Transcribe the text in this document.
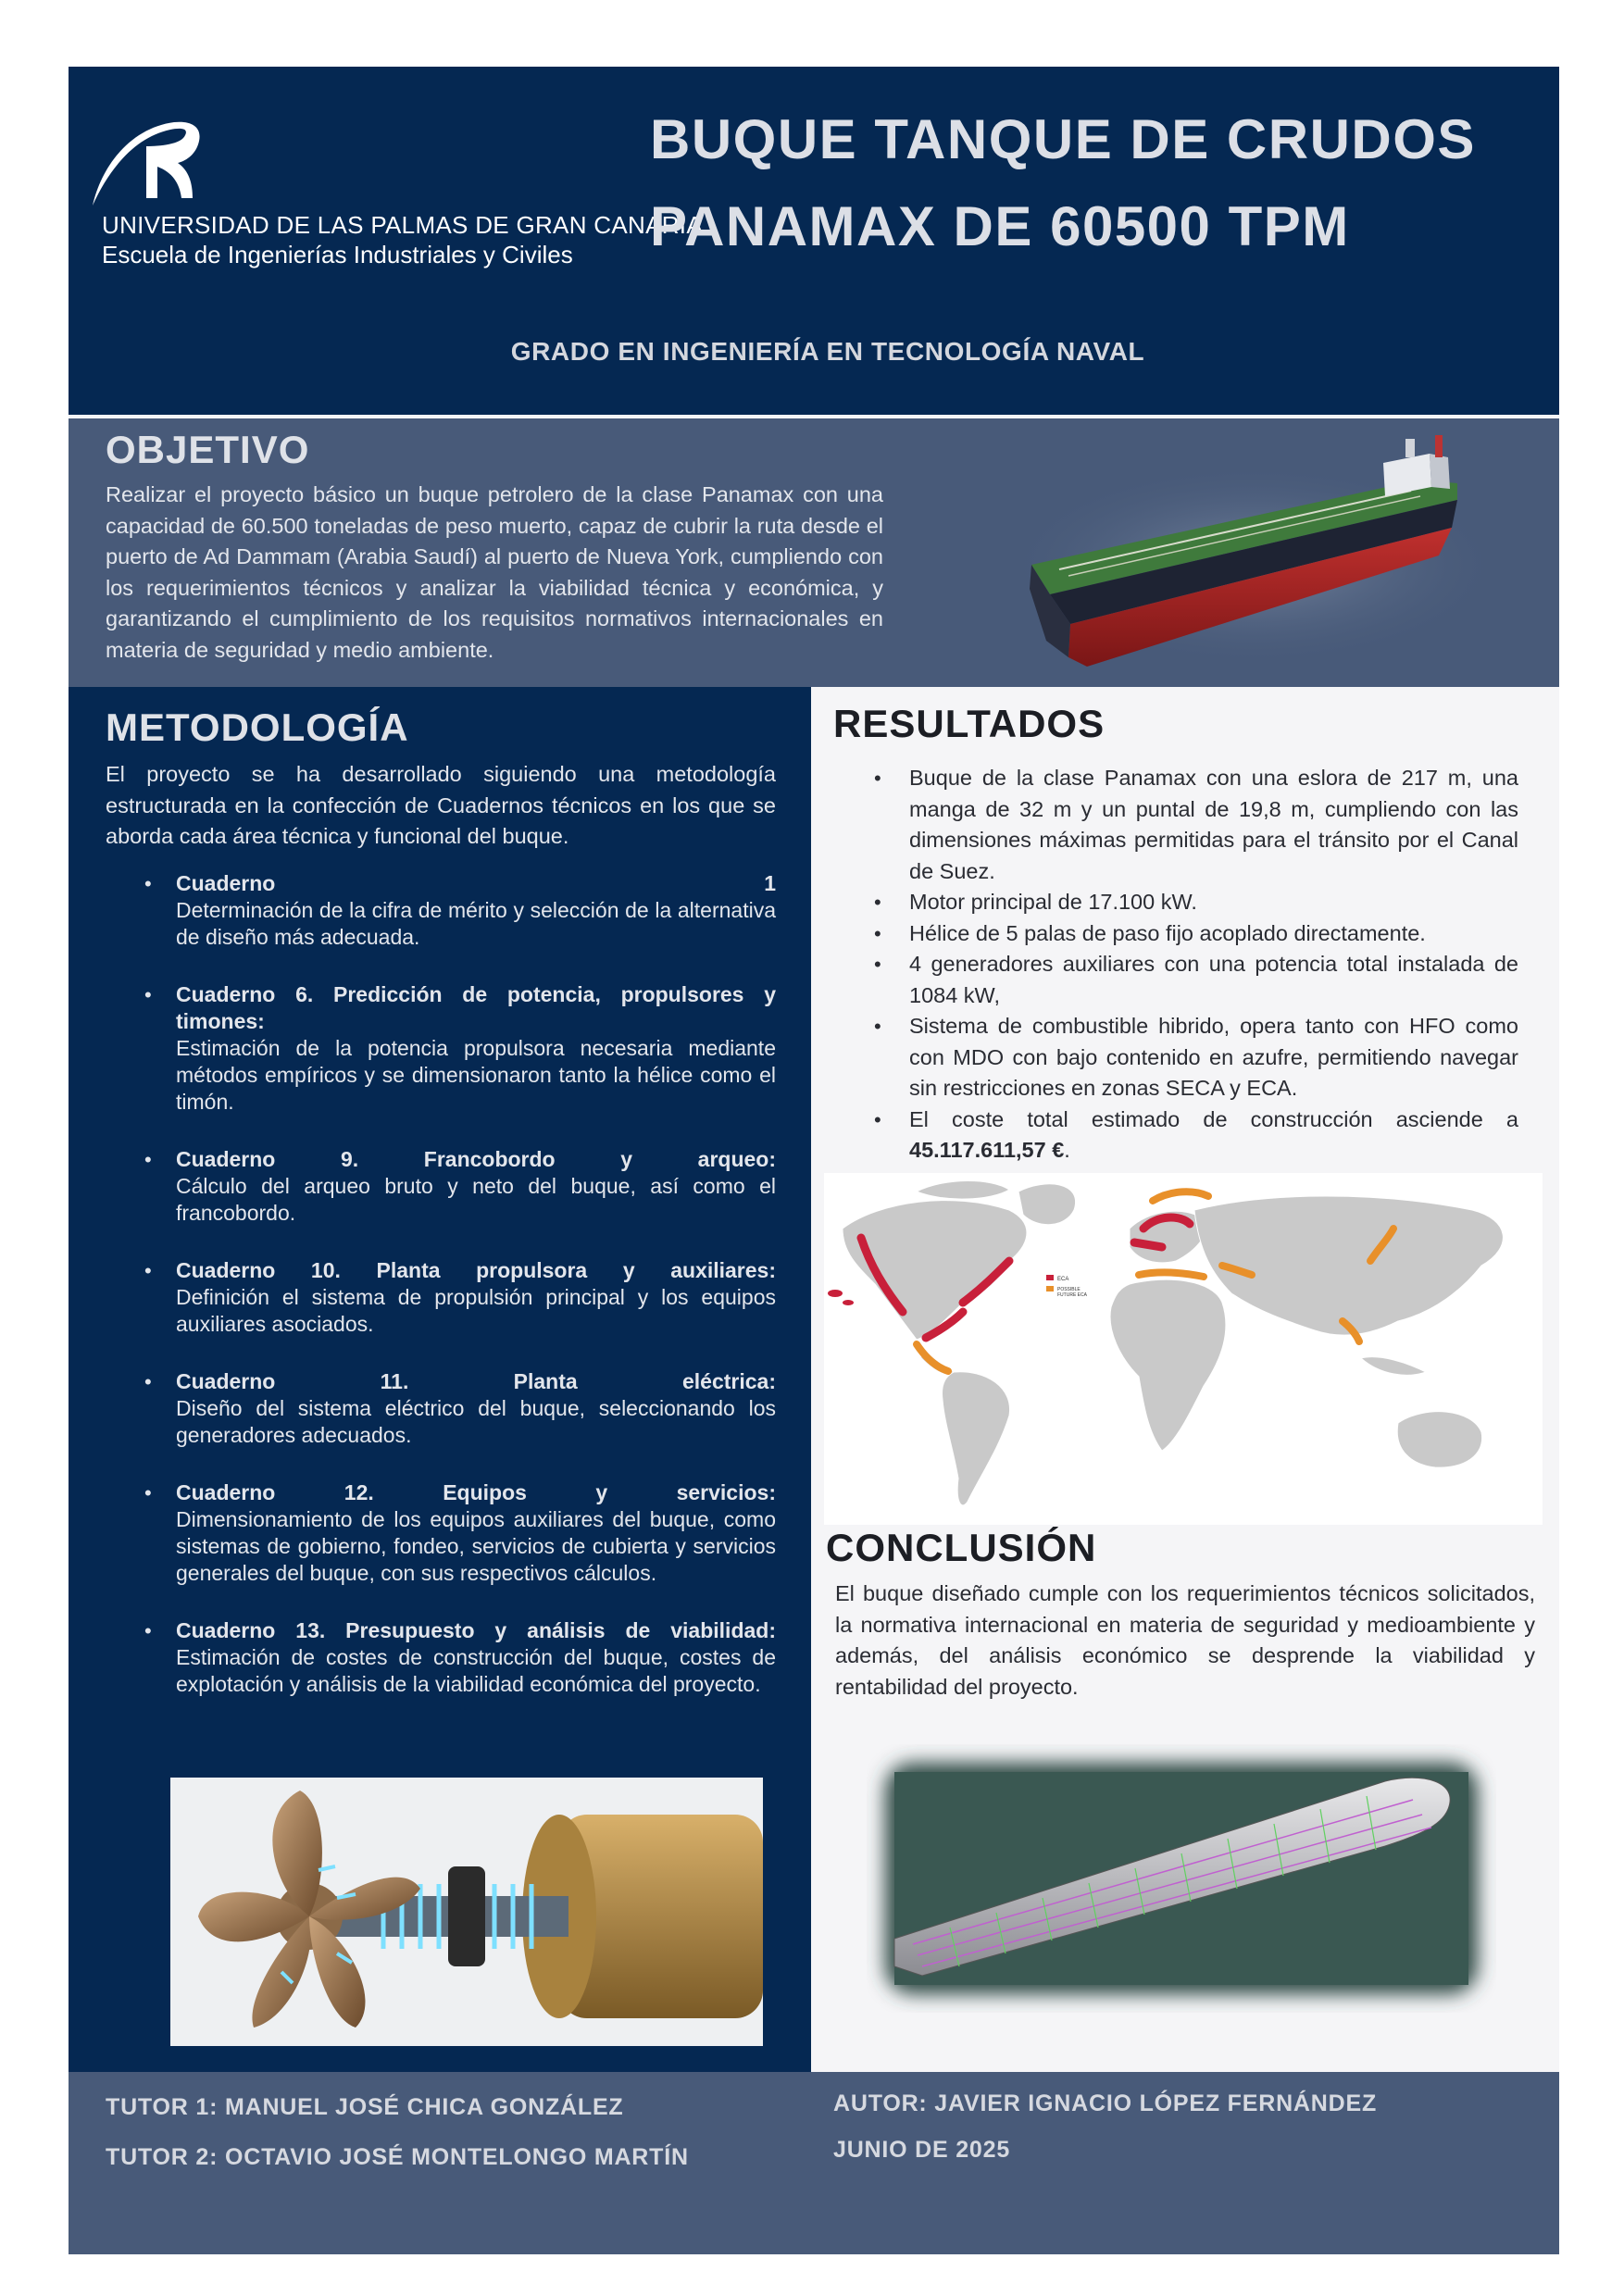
UNIVERSIDAD DE LAS PALMAS DE GRAN CANARIA
Escuela de Ingenierías Industriales y Civiles
BUQUE TANQUE DE CRUDOS
PANAMAX DE 60500 TPM
GRADO EN INGENIERÍA EN TECNOLOGÍA NAVAL
OBJETIVO
Realizar el proyecto básico un buque petrolero de la clase Panamax con una capacidad de 60.500 toneladas de peso muerto, capaz de cubrir la ruta desde el puerto de Ad Dammam (Arabia Saudí) al puerto de Nueva York, cumpliendo con los requerimientos técnicos y analizar la viabilidad técnica y económica, y garantizando el cumplimiento de los requisitos normativos internacionales en materia de seguridad y medio ambiente.
METODOLOGÍA
El proyecto se ha desarrollado siguiendo una metodología estructurada en la confección de Cuadernos técnicos en los que se aborda cada área técnica y funcional del buque.
• Cuaderno 1
Determinación de la cifra de mérito y selección de la alternativa de diseño más adecuada.
• Cuaderno 6. Predicción de potencia, propulsores y timones:
Estimación de la potencia propulsora necesaria mediante métodos empíricos y se dimensionaron tanto la hélice como el timón.
• Cuaderno 9. Francobordo y arqueo:
Cálculo del arqueo bruto y neto del buque, así como el francobordo.
• Cuaderno 10. Planta propulsora y auxiliares:
Definición el sistema de propulsión principal y los equipos auxiliares asociados.
• Cuaderno 11. Planta eléctrica:
Diseño del sistema eléctrico del buque, seleccionando los generadores adecuados.
• Cuaderno 12. Equipos y servicios:
Dimensionamiento de los equipos auxiliares del buque, como sistemas de gobierno, fondeo, servicios de cubierta y servicios generales del buque, con sus respectivos cálculos.
• Cuaderno 13. Presupuesto y análisis de viabilidad:
Estimación de costes de construcción del buque, costes de explotación y análisis de la viabilidad económica del proyecto.
RESULTADOS
• Buque de la clase Panamax con una eslora de 217 m, una manga de 32 m y un puntal de 19,8 m, cumpliendo con las dimensiones máximas permitidas para el tránsito por el Canal de Suez.
• Motor principal de 17.100 kW.
• Hélice de 5 palas de paso fijo acoplado directamente.
• 4 generadores auxiliares con una potencia total instalada de 1084 kW,
• Sistema de combustible hibrido, opera tanto con HFO como con MDO con bajo contenido en azufre, permitiendo navegar sin restricciones en zonas SECA y ECA.
• El coste total estimado de construcción asciende a 45.117.611,57 €.
ECA
POSSIBLE
FUTURE ECA
CONCLUSIÓN
El buque diseñado cumple con los requerimientos técnicos solicitados, la normativa internacional en materia de seguridad y medioambiente y además, del análisis económico se desprende la viabilidad y rentabilidad del proyecto.
TUTOR 1: MANUEL JOSÉ CHICA GONZÁLEZ
TUTOR 2: OCTAVIO JOSÉ MONTELONGO MARTÍN
AUTOR: JAVIER IGNACIO LÓPEZ FERNÁNDEZ
JUNIO DE 2025
